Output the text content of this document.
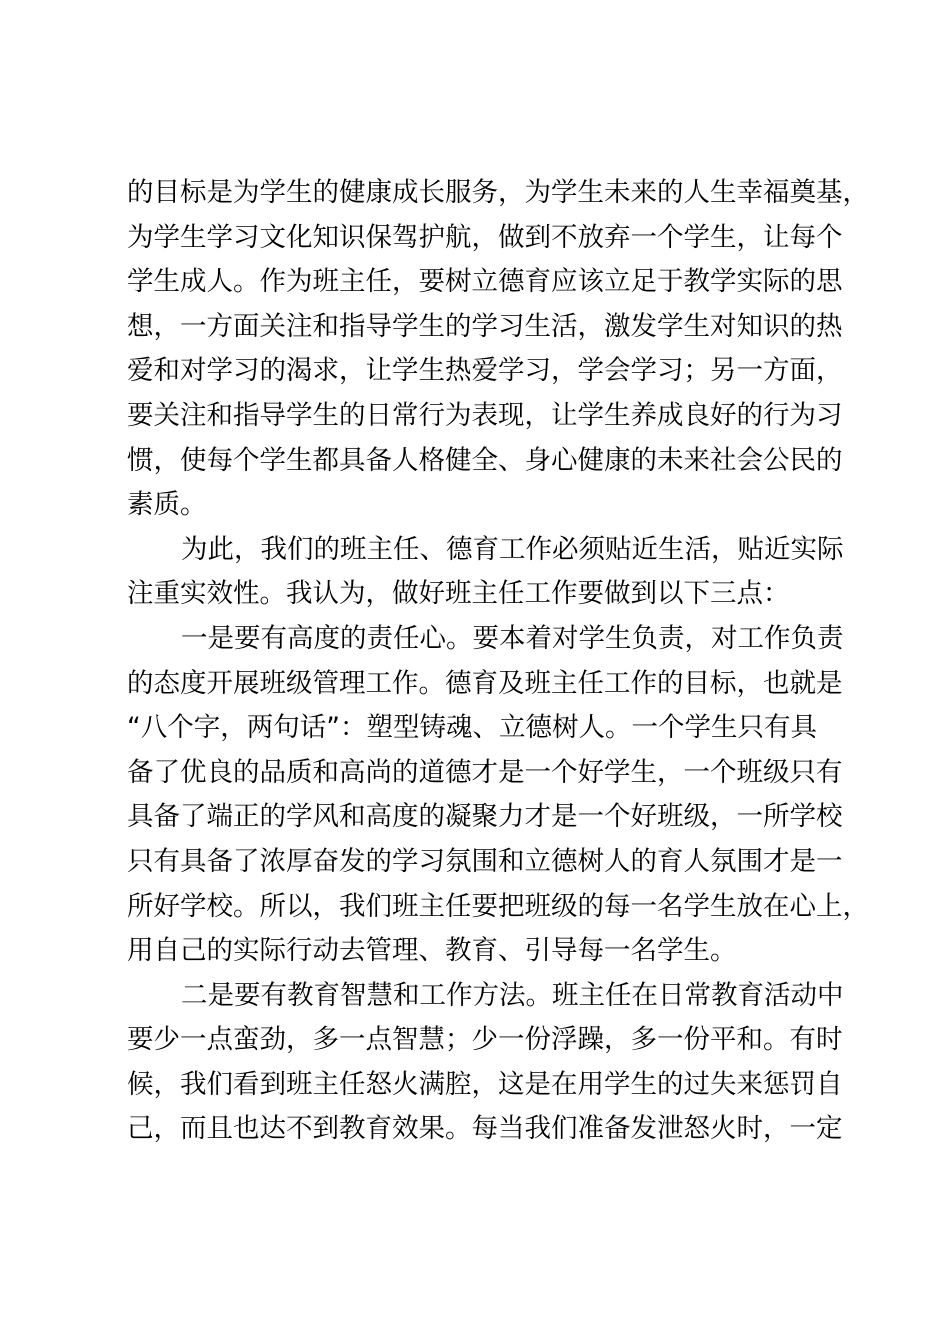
的目标是为学生的健康成长服务，为学生未来的人生幸福奠基，
为学生学习文化知识保驾护航，做到不放弃一个学生，让每个
学生成人。作为班主任，要树立德育应该立足于教学实际的思
想，一方面关注和指导学生的学习生活，激发学生对知识的热
爱和对学习的渴求，让学生热爱学习，学会学习；另一方面，
要关注和指导学生的日常行为表现，让学生养成良好的行为习
惯，使每个学生都具备人格健全、身心健康的未来社会公民的
素质。
为此，我们的班主任、德育工作必须贴近生活，贴近实际
注重实效性。我认为，做好班主任工作要做到以下三点：
一是要有高度的责任心。要本着对学生负责，对工作负责
的态度开展班级管理工作。德育及班主任工作的目标，也就是
“八个字，两句话”：塑型铸魂、立德树人。一个学生只有具
备了优良的品质和高尚的道德才是一个好学生，一个班级只有
具备了端正的学风和高度的凝聚力才是一个好班级，一所学校
只有具备了浓厚奋发的学习氛围和立德树人的育人氛围才是一
所好学校。所以，我们班主任要把班级的每一名学生放在心上，
用自己的实际行动去管理、教育、引导每一名学生。
二是要有教育智慧和工作方法。班主任在日常教育活动中
要少一点蛮劲，多一点智慧；少一份浮躁，多一份平和。有时
候，我们看到班主任怒火满腔，这是在用学生的过失来惩罚自
己，而且也达不到教育效果。每当我们准备发泄怒火时，一定
